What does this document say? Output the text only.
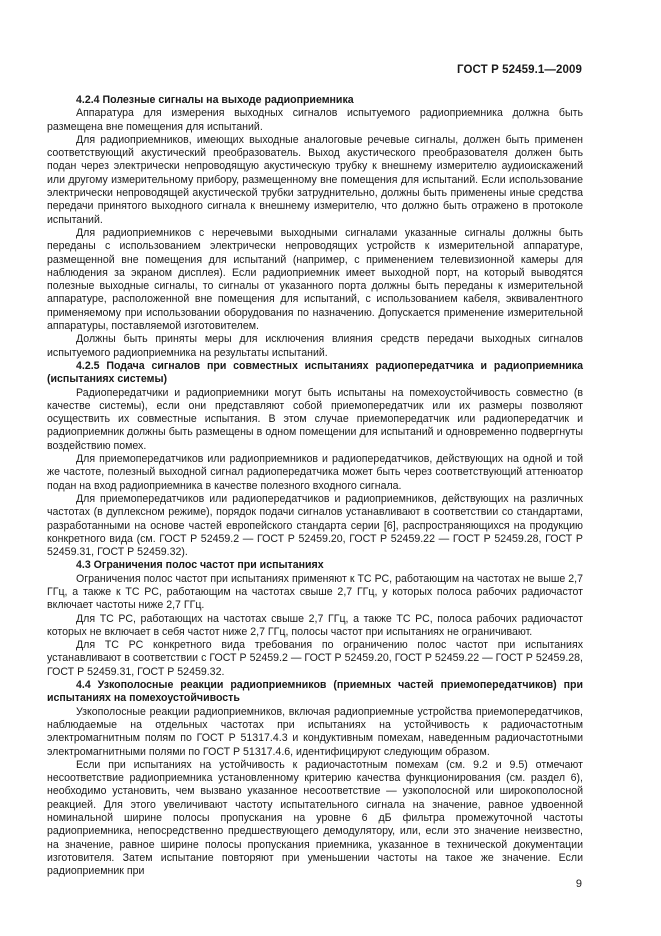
ГОСТ Р 52459.1—2009

4.2.4 Полезные сигналы на выходе радиоприемника

Аппаратура для измерения выходных сигналов испытуемого радиоприемника должна быть размещена вне помещения для испытаний.

Для радиоприемников, имеющих выходные аналоговые речевые сигналы, должен быть применен соответствующий акустический преобразователь. Выход акустического преобразователя должен быть подан через электрически непроводящую акустическую трубку к внешнему измерителю аудиоискажений или другому измерительному прибору, размещенному вне помещения для испытаний. Если использование электрически непроводящей акустической трубки затруднительно, должны быть применены иные средства передачи принятого выходного сигнала к внешнему измерителю, что должно быть отражено в протоколе испытаний.

Для радиоприемников с неречевыми выходными сигналами указанные сигналы должны быть переданы с использованием электрически непроводящих устройств к измерительной аппаратуре, размещенной вне помещения для испытаний (например, с применением телевизионной камеры для наблюдения за экраном дисплея). Если радиоприемник имеет выходной порт, на который выводятся полезные выходные сигналы, то сигналы от указанного порта должны быть переданы к измерительной аппаратуре, расположенной вне помещения для испытаний, с использованием кабеля, эквивалентного применяемому при использовании оборудования по назначению. Допускается применение измерительной аппаратуры, поставляемой изготовителем.

Должны быть приняты меры для исключения влияния средств передачи выходных сигналов испытуемого радиоприемника на результаты испытаний.

4.2.5 Подача сигналов при совместных испытаниях радиопередатчика и радиоприемника (испытаниях системы)

Радиопередатчики и радиоприемники могут быть испытаны на помехоустойчивость совместно (в качестве системы), если они представляют собой приемопередатчик или их размеры позволяют осуществить их совместные испытания. В этом случае приемопередатчик или радиопередатчик и радиоприемник должны быть размещены в одном помещении для испытаний и одновременно подвергнуты воздействию помех.

Для приемопередатчиков или радиоприемников и радиопередатчиков, действующих на одной и той же частоте, полезный выходной сигнал радиопередатчика может быть через соответствующий аттенюатор подан на вход радиоприемника в качестве полезного входного сигнала.

Для приемопередатчиков или радиопередатчиков и радиоприемников, действующих на различных частотах (в дуплексном режиме), порядок подачи сигналов устанавливают в соответствии со стандартами, разработанными на основе частей европейского стандарта серии [6], распространяющихся на продукцию конкретного вида (см. ГОСТ Р 52459.2 — ГОСТ Р 52459.20, ГОСТ Р 52459.22 — ГОСТ Р 52459.28, ГОСТ Р 52459.31, ГОСТ Р 52459.32).

4.3 Ограничения полос частот при испытаниях

Ограничения полос частот при испытаниях применяют к ТС РС, работающим на частотах не выше 2,7 ГГц, а также к ТС РС, работающим на частотах свыше 2,7 ГГц, у которых полоса рабочих радиочастот включает частоты ниже 2,7 ГГц.

Для ТС РС, работающих на частотах свыше 2,7 ГГц, а также ТС РС, полоса рабочих радиочастот которых не включает в себя частот ниже 2,7 ГГц, полосы частот при испытаниях не ограничивают.

Для ТС РС конкретного вида требования по ограничению полос частот при испытаниях устанавливают в соответствии с ГОСТ Р 52459.2 — ГОСТ Р 52459.20, ГОСТ Р 52459.22 — ГОСТ Р 52459.28, ГОСТ Р 52459.31, ГОСТ Р 52459.32.

4.4 Узкополосные реакции радиоприемников (приемных частей приемопередатчиков) при испытаниях на помехоустойчивость

Узкополосные реакции радиоприемников, включая радиоприемные устройства приемопередатчиков, наблюдаемые на отдельных частотах при испытаниях на устойчивость к радиочастотным электромагнитным полям по ГОСТ Р 51317.4.3 и кондуктивным помехам, наведенным радиочастотными электромагнитными полями по ГОСТ Р 51317.4.6, идентифицируют следующим образом.

Если при испытаниях на устойчивость к радиочастотным помехам (см. 9.2 и 9.5) отмечают несоответствие радиоприемника установленному критерию качества функционирования (см. раздел 6), необходимо установить, чем вызвано указанное несоответствие — узкополосной или широкополосной реакцией. Для этого увеличивают частоту испытательного сигнала на значение, равное удвоенной номинальной ширине полосы пропускания на уровне 6 дБ фильтра промежуточной частоты радиоприемника, непосредственно предшествующего демодулятору, или, если это значение неизвестно, на значение, равное ширине полосы пропускания приемника, указанное в технической документации изготовителя. Затем испытание повторяют при уменьшении частоты на такое же значение. Если радиоприемник при

9
